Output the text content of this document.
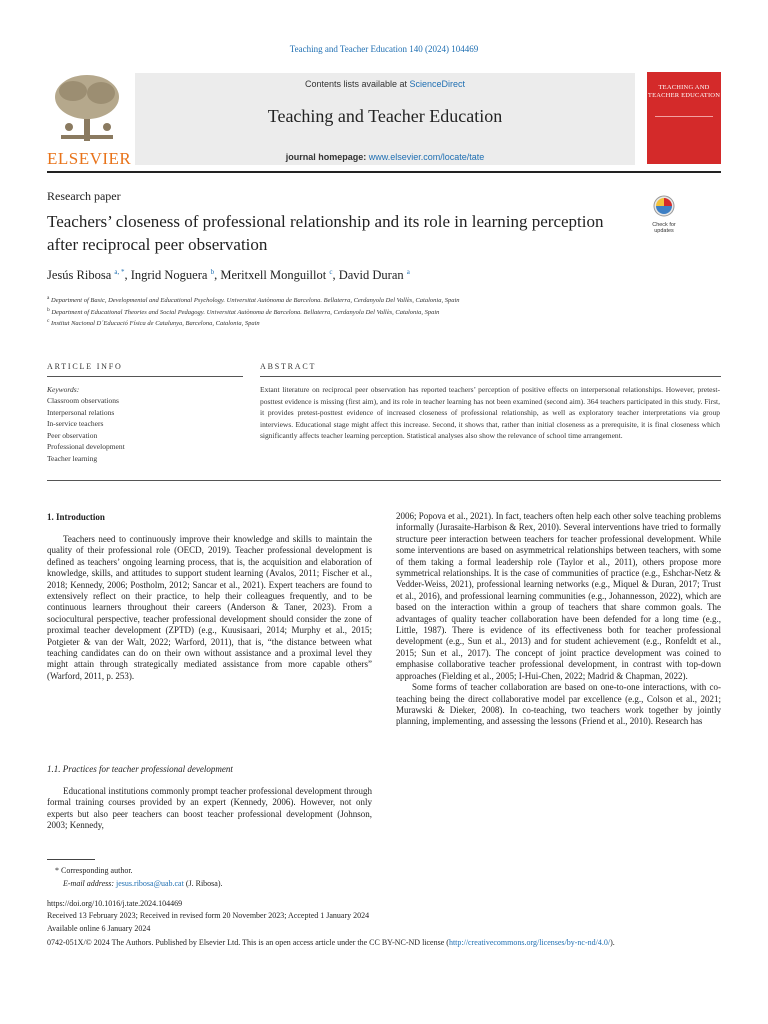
Teaching and Teacher Education 140 (2024) 104469
ELSEVIER
Contents lists available at ScienceDirect
Teaching and Teacher Education
journal homepage: www.elsevier.com/locate/tate
TEACHING AND TEACHER EDUCATION
Research paper
Teachers’ closeness of professional relationship and its role in learning perception after reciprocal peer observation
Check for updates
Jesús Ribosa $^{a, *}$, Ingrid Noguera $^b$, Meritxell Monguillot $^c$, David Duran $^a$
$^a$ Department of Basic, Developmental and Educational Psychology. Universitat Autònoma de Barcelona. Bellaterra, Cerdanyola Del Vallès, Catalonia, Spain
$^b$ Department of Educational Theories and Social Pedagogy. Universitat Autònoma de Barcelona. Bellaterra, Cerdanyola Del Vallès, Catalonia, Spain
$^c$ Institut Nacional D´Educació Física de Catalunya, Barcelona, Catalonia, Spain
ARTICLE INFO	ABSTRACT
Keywords:
Classroom observations
Interpersonal relations
In-service teachers
Peer observation
Professional development
Teacher learning
Extant literature on reciprocal peer observation has reported teachers’ perception of positive effects on interpersonal relationships. However, pretest-posttest evidence is missing (first aim), and its role in teacher learning has not been examined (second aim). 364 teachers participated in this study. First, it provides pretest-posttest evidence of increased closeness of professional relationship, as well as exploratory teacher interpretations via group interviews. Educational stage might affect this increase. Second, it shows that, rather than initial closeness as a prerequisite, it is final closeness which significantly affects teacher learning perception. Statistical analyses also show the relevance of school time arrangement.
1. Introduction

Teachers need to continuously improve their knowledge and skills to maintain the quality of their professional role (OECD, 2019). Teacher professional development is defined as teachers’ ongoing learning process, that is, the acquisition and elaboration of knowledge, skills, and attitudes to support student learning (Avalos, 2011; Fischer et al., 2018; Kennedy, 2006; Postholm, 2012; Sancar et al., 2021). Expert teachers are found to extensively reflect on their practice, to help their colleagues frequently, and to be continuous learners throughout their careers (Anderson & Taner, 2023). From a sociocultural perspective, teacher professional development should consider the zone of proximal teacher development (ZPTD) (e.g., Kuusisaari, 2014; Murphy et al., 2015; Potgieter & van der Walt, 2022; Warford, 2011), that is, “the distance between what teaching candidates can do on their own without assistance and a proximal level they might attain through strategically mediated assistance from more capable others” (Warford, 2011, p. 253).

1.1. Practices for teacher professional development

Educational institutions commonly prompt teacher professional development through formal training courses provided by an expert (Kennedy, 2006). However, not only experts but also peer teachers can boost teacher professional development (Johnson, 2003; Kennedy,

2006; Popova et al., 2021). In fact, teachers often help each other solve teaching problems informally (Jurasaite-Harbison & Rex, 2010). Several interventions have tried to formally structure peer interaction between teachers for teacher professional development. While some interventions are based on asymmetrical relationships between teachers, with some of them taking a formal leadership role (Taylor et al., 2011), others propose more symmetrical relationships. It is the case of communities of practice (e.g., Eshchar-Netz & Vedder-Weiss, 2021), professional learning networks (e.g., Miquel & Duran, 2017; Trust et al., 2016), and professional learning communities (e.g., Johannesson, 2022), which are based on the interaction within a group of teachers that share common goals. The advantages of quality teacher collaboration have been defended for a long time (e.g., Little, 1987). There is evidence of its effectiveness both for teacher professional development (e.g., Sun et al., 2013) and for student achievement (e.g., Ronfeldt et al., 2015; Sun et al., 2017). The concept of joint practice development was coined to emphasise collaborative teacher professional development, in contrast with top-down approaches (Fielding et al., 2005; I-Hui-Chen, 2022; Madrid & Chapman, 2022).

Some forms of teacher collaboration are based on one-to-one interactions, with co-teaching being the direct collaborative model par excellence (e.g., Colson et al., 2021; Murawski & Dieker, 2008). In co-teaching, two teachers work together by jointly planning, implementing, and assessing the lessons (Friend et al., 2010). Research has

* Corresponding author.
E-mail address: jesus.ribosa@uab.cat (J. Ribosa).
https://doi.org/10.1016/j.tate.2024.104469
Received 13 February 2023; Received in revised form 20 November 2023; Accepted 1 January 2024
Available online 6 January 2024
0742-051X/© 2024 The Authors. Published by Elsevier Ltd. This is an open access article under the CC BY-NC-ND license (http://creativecommons.org/licenses/by-nc-nd/4.0/).
